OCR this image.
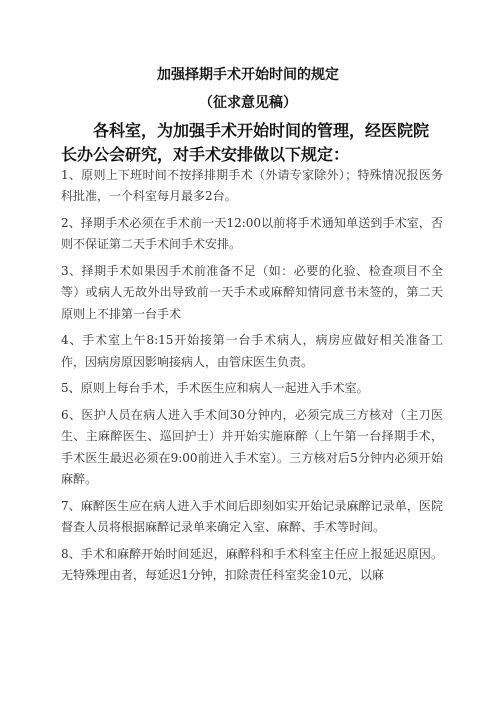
加强择期手术开始时间的规定
（征求意见稿）
各科室，为加强手术开始时间的管理，经医院院长办公会研究，对手术安排做以下规定：

1、原则上下班时间不按择排期手术（外请专家除外）；特殊情况报医务科批准，一个科室每月最多2台。

2、择期手术必须在手术前一天12:00以前将手术通知单送到手术室，否则不保证第二天手术间手术安排。

3、择期手术如果因手术前准备不足（如：必要的化验、检查项目不全等）或病人无故外出导致前一天手术或麻醉知情同意书未签的，第二天原则上不排第一台手术

4、手术室上午8:15开始接第一台手术病人，病房应做好相关准备工作，因病房原因影响接病人，由管床医生负责。

5、原则上每台手术，手术医生应和病人一起进入手术室。

6、医护人员在病人进入手术间30分钟内，必须完成三方核对（主刀医生、主麻醉医生、巡回护士）并开始实施麻醉（上午第一台择期手术，手术医生最迟必须在9:00前进入手术室）。三方核对后5分钟内必须开始麻醉。

7、麻醉医生应在病人进入手术间后即刻如实开始记录麻醉记录单，医院督查人员将根据麻醉记录单来确定入室、麻醉、手术等时间。

8、手术和麻醉开始时间延迟，麻醉科和手术科室主任应上报延迟原因。无特殊理由者，每延迟1分钟，扣除责任科室奖金10元，以麻
